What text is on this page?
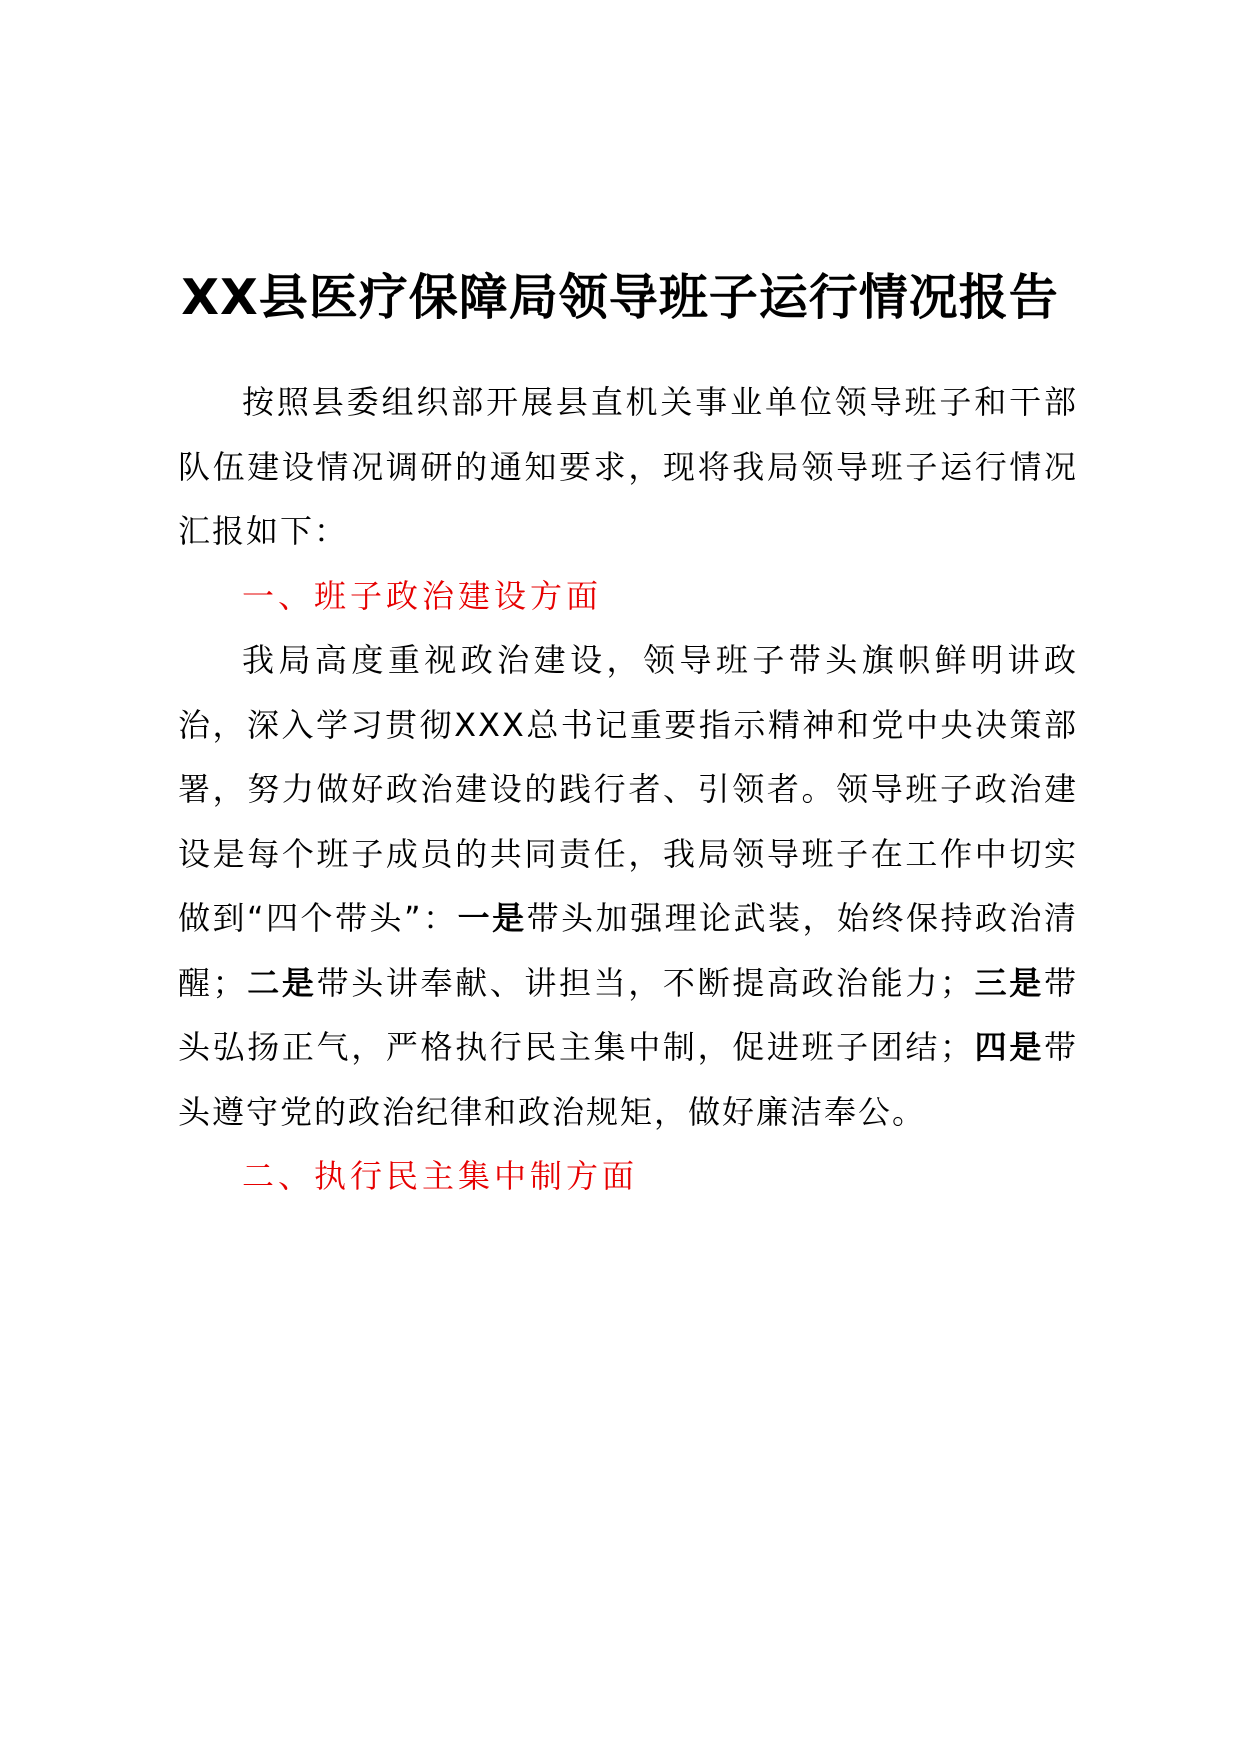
XX县医疗保障局领导班子运行情况报告

按照县委组织部开展县直机关事业单位领导班子和干部队伍建设情况调研的通知要求，现将我局领导班子运行情况汇报如下：

一、班子政治建设方面

我局高度重视政治建设，领导班子带头旗帜鲜明讲政治，深入学习贯彻XXX总书记重要指示精神和党中央决策部署，努力做好政治建设的践行者、引领者。领导班子政治建设是每个班子成员的共同责任，我局领导班子在工作中切实做到“四个带头”：一是带头加强理论武装，始终保持政治清醒；二是带头讲奉献、讲担当，不断提高政治能力；三是带头弘扬正气，严格执行民主集中制，促进班子团结；四是带头遵守党的政治纪律和政治规矩，做好廉洁奉公。

二、执行民主集中制方面
